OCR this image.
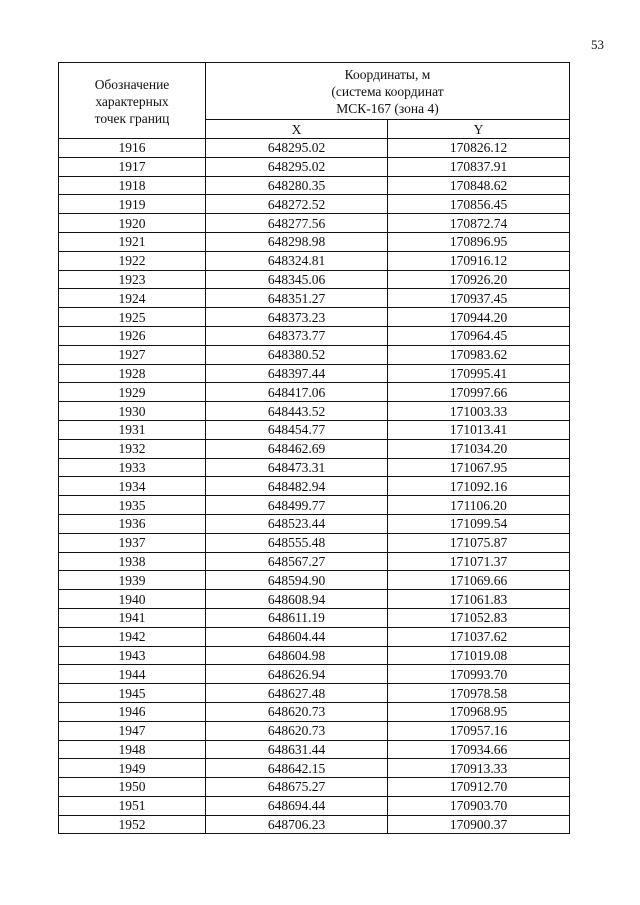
53
Обозначение
характерных
точек границ	Координаты, м
(система координат
МСК-167 (зона 4)	

	X	Y
1916	648295.02	170826.12
1917	648295.02	170837.91
1918	648280.35	170848.62
1919	648272.52	170856.45
1920	648277.56	170872.74
1921	648298.98	170896.95
1922	648324.81	170916.12
1923	648345.06	170926.20
1924	648351.27	170937.45
1925	648373.23	170944.20
1926	648373.77	170964.45
1927	648380.52	170983.62
1928	648397.44	170995.41
1929	648417.06	170997.66
1930	648443.52	171003.33
1931	648454.77	171013.41
1932	648462.69	171034.20
1933	648473.31	171067.95
1934	648482.94	171092.16
1935	648499.77	171106.20
1936	648523.44	171099.54
1937	648555.48	171075.87
1938	648567.27	171071.37
1939	648594.90	171069.66
1940	648608.94	171061.83
1941	648611.19	171052.83
1942	648604.44	171037.62
1943	648604.98	171019.08
1944	648626.94	170993.70
1945	648627.48	170978.58
1946	648620.73	170968.95
1947	648620.73	170957.16
1948	648631.44	170934.66
1949	648642.15	170913.33
1950	648675.27	170912.70
1951	648694.44	170903.70
1952	648706.23	170900.37
